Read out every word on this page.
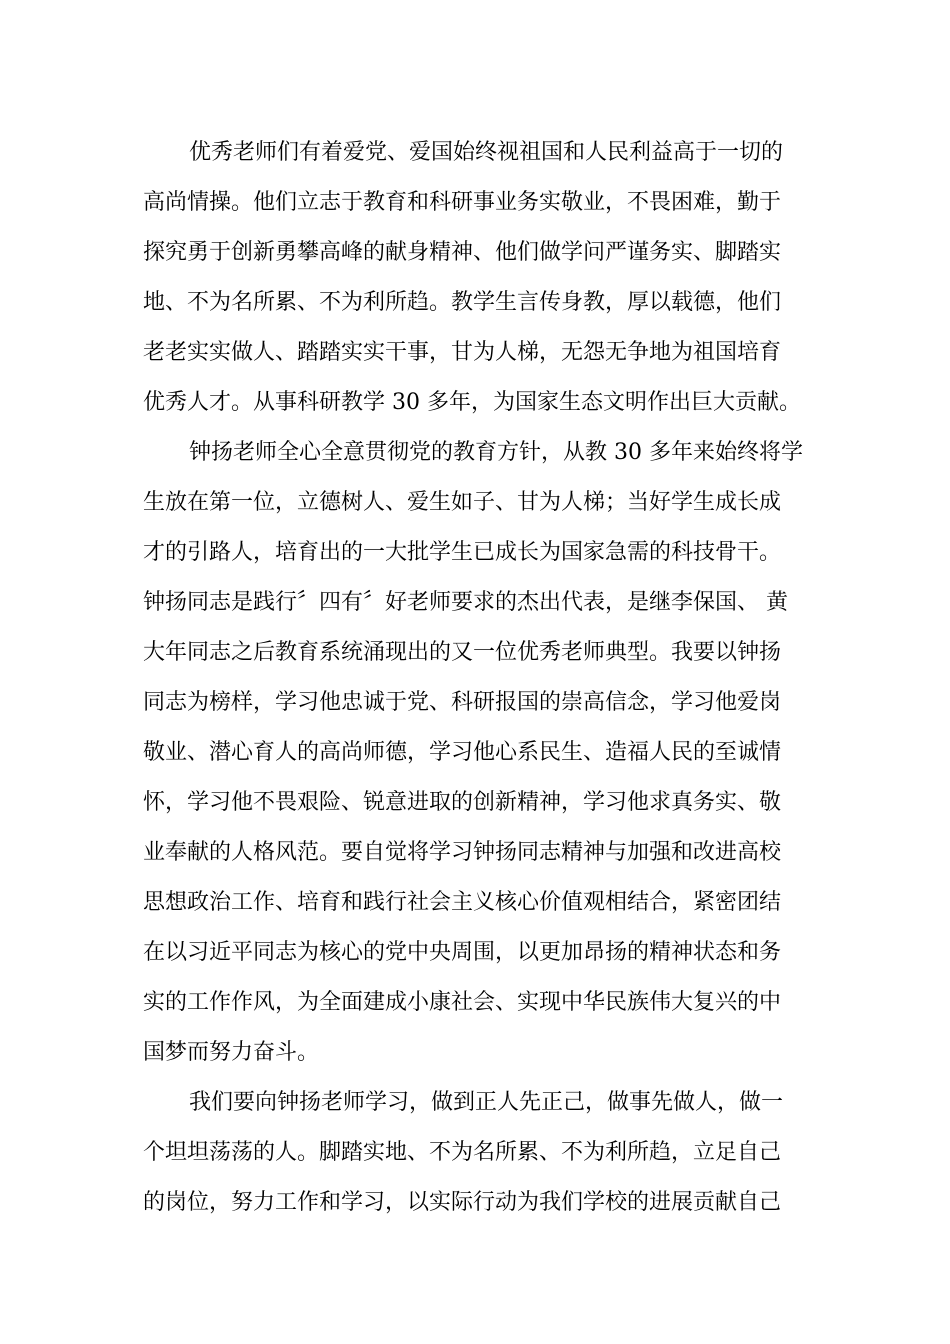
优秀老师们有着爱党、爱国始终视祖国和人民利益高于一切的
高尚情操。他们立志于教育和科研事业务实敬业，不畏困难，勤于
探究勇于创新勇攀高峰的献身精神、他们做学问严谨务实、脚踏实
地、不为名所累、不为利所趋。教学生言传身教，厚以载德，他们
老老实实做人、踏踏实实干事，甘为人梯，无怨无争地为祖国培育
优秀人才。从事科研教学 30 多年，为国家生态文明作出巨大贡献。

钟扬老师全心全意贯彻党的教育方针，从教 30 多年来始终将学
生放在第一位，立德树人、爱生如子、甘为人梯；当好学生成长成
才的引路人，培育出的一大批学生已成长为国家急需的科技骨干。
钟扬同志是践行〞四有〞好老师要求的杰出代表，是继李保国、 黄
大年同志之后教育系统涌现出的又一位优秀老师典型。我要以钟扬
同志为榜样，学习他忠诚于党、科研报国的崇高信念，学习他爱岗
敬业、潜心育人的高尚师德，学习他心系民生、造福人民的至诚情
怀，学习他不畏艰险、锐意进取的创新精神，学习他求真务实、敬
业奉献的人格风范。要自觉将学习钟扬同志精神与加强和改进高校
思想政治工作、培育和践行社会主义核心价值观相结合，紧密团结
在以习近平同志为核心的党中央周围，以更加昂扬的精神状态和务
实的工作作风，为全面建成小康社会、实现中华民族伟大复兴的中
国梦而努力奋斗。

我们要向钟扬老师学习，做到正人先正己，做事先做人，做一
个坦坦荡荡的人。脚踏实地、不为名所累、不为利所趋，立足自己
的岗位，努力工作和学习，以实际行动为我们学校的进展贡献自己
